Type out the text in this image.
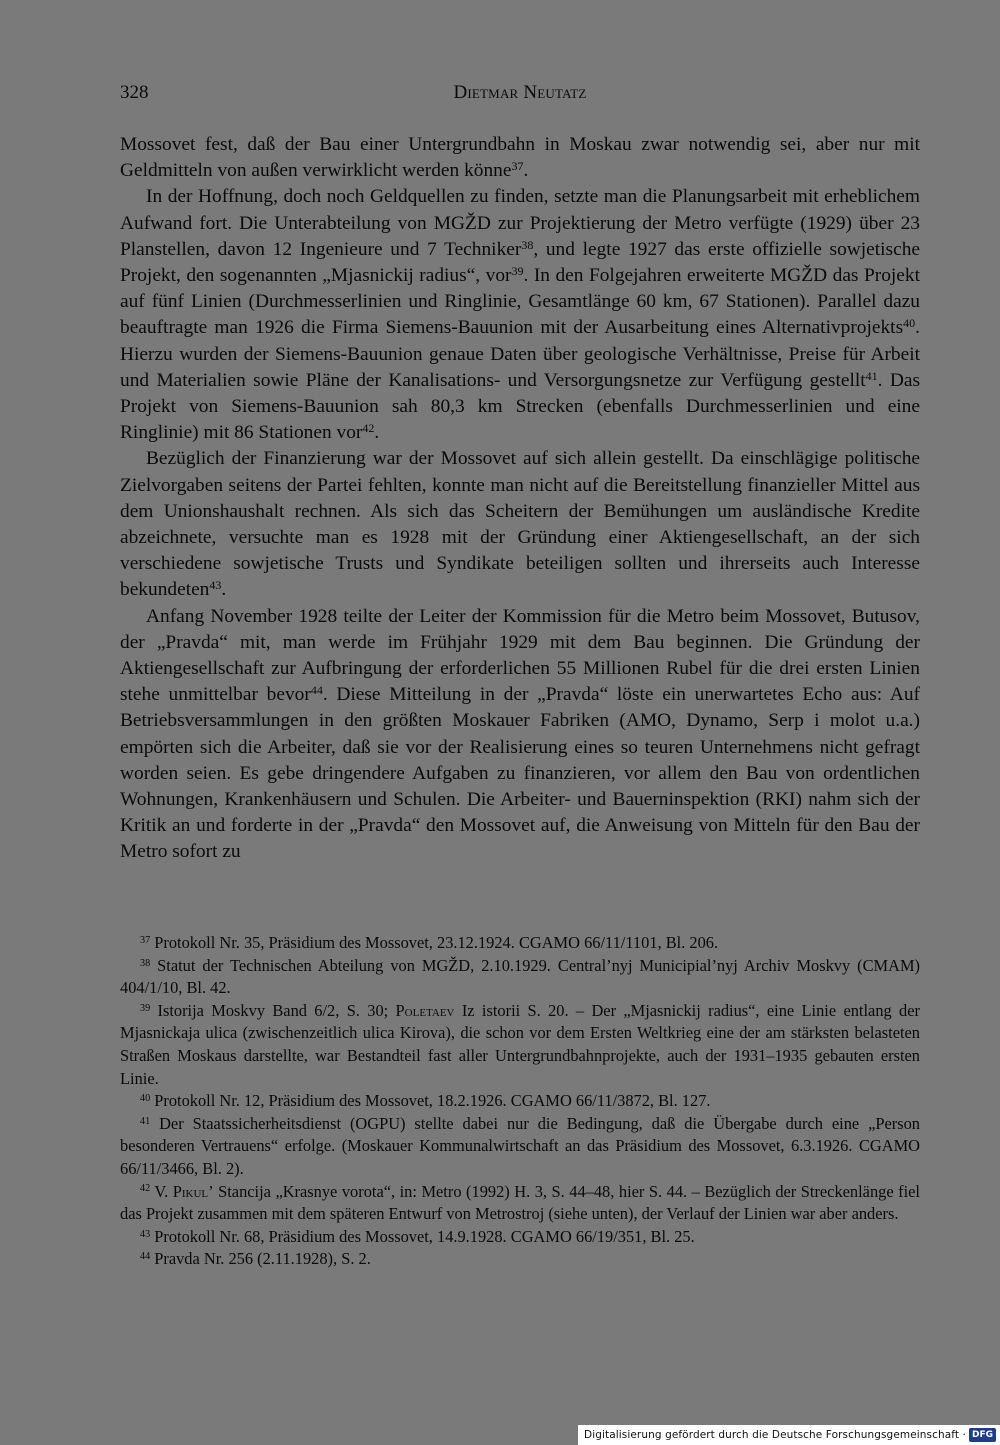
328	Dietmar Neutatz

Mossovet fest, daß der Bau einer Untergrundbahn in Moskau zwar notwendig sei, aber nur mit Geldmitteln von außen verwirklicht werden könne$^{37}$.

In der Hoffnung, doch noch Geldquellen zu finden, setzte man die Planungsarbeit mit erheblichem Aufwand fort. Die Unterabteilung von MGŽD zur Projektierung der Metro verfügte (1929) über 23 Planstellen, davon 12 Ingenieure und 7 Techniker$^{38}$, und legte 1927 das erste offizielle sowjetische Projekt, den sogenannten „Mjasnickij radius“, vor$^{39}$. In den Folgejahren erweiterte MGŽD das Projekt auf fünf Linien (Durchmesserlinien und Ringlinie, Gesamtlänge 60 km, 67 Stationen). Parallel dazu beauftragte man 1926 die Firma Siemens-Bauunion mit der Ausarbeitung eines Alternativprojekts$^{40}$. Hierzu wurden der Siemens-Bauunion genaue Daten über geologische Verhältnisse, Preise für Arbeit und Materialien sowie Pläne der Kanalisations- und Versorgungsnetze zur Verfügung gestellt$^{41}$. Das Projekt von Siemens-Bauunion sah 80,3 km Strecken (ebenfalls Durchmesserlinien und eine Ringlinie) mit 86 Stationen vor$^{42}$.

Bezüglich der Finanzierung war der Mossovet auf sich allein gestellt. Da einschlägige politische Zielvorgaben seitens der Partei fehlten, konnte man nicht auf die Bereitstellung finanzieller Mittel aus dem Unionshaushalt rechnen. Als sich das Scheitern der Bemühungen um ausländische Kredite abzeichnete, versuchte man es 1928 mit der Gründung einer Aktiengesellschaft, an der sich verschiedene sowjetische Trusts und Syndikate beteiligen sollten und ihrerseits auch Interesse bekundeten$^{43}$.

Anfang November 1928 teilte der Leiter der Kommission für die Metro beim Mossovet, Butusov, der „Pravda“ mit, man werde im Frühjahr 1929 mit dem Bau beginnen. Die Gründung der Aktiengesellschaft zur Aufbringung der erforderlichen 55 Millionen Rubel für die drei ersten Linien stehe unmittelbar bevor$^{44}$. Diese Mitteilung in der „Pravda“ löste ein unerwartetes Echo aus: Auf Betriebsversammlungen in den größten Moskauer Fabriken (AMO, Dynamo, Serp i molot u.a.) empörten sich die Arbeiter, daß sie vor der Realisierung eines so teuren Unternehmens nicht gefragt worden seien. Es gebe dringendere Aufgaben zu finanzieren, vor allem den Bau von ordentlichen Wohnungen, Krankenhäusern und Schulen. Die Arbeiter- und Bauerninspektion (RKI) nahm sich der Kritik an und forderte in der „Pravda“ den Mossovet auf, die Anweisung von Mitteln für den Bau der Metro sofort zu

$^{37}$ Protokoll Nr. 35, Präsidium des Mossovet, 23.12.1924. CGAMO 66/11/1101, Bl. 206.

$^{38}$ Statut der Technischen Abteilung von MGŽD, 2.10.1929. Central’nyj Municipial’nyj Archiv Moskvy (CMAM) 404/1/10, Bl. 42.

$^{39}$ Istorija Moskvy Band 6/2, S. 30; Poletaev Iz istorii S. 20. – Der „Mjasnickij radius“, eine Linie entlang der Mjasnickaja ulica (zwischenzeitlich ulica Kirova), die schon vor dem Ersten Weltkrieg eine der am stärksten belasteten Straßen Moskaus darstellte, war Bestandteil fast aller Untergrundbahnprojekte, auch der 1931–1935 gebauten ersten Linie.

$^{40}$ Protokoll Nr. 12, Präsidium des Mossovet, 18.2.1926. CGAMO 66/11/3872, Bl. 127.

$^{41}$ Der Staatssicherheitsdienst (OGPU) stellte dabei nur die Bedingung, daß die Übergabe durch eine „Person besonderen Vertrauens“ erfolge. (Moskauer Kommunalwirtschaft an das Präsidium des Mossovet, 6.3.1926. CGAMO 66/11/3466, Bl. 2).

$^{42}$ V. Pikul’ Stancija „Krasnye vorota“, in: Metro (1992) H. 3, S. 44–48, hier S. 44. – Bezüglich der Streckenlänge fiel das Projekt zusammen mit dem späteren Entwurf von Metrostroj (siehe unten), der Verlauf der Linien war aber anders.

$^{43}$ Protokoll Nr. 68, Präsidium des Mossovet, 14.9.1928. CGAMO 66/19/351, Bl. 25.

$^{44}$ Pravda Nr. 256 (2.11.1928), S. 2.

Digitalisierung gefördert durch die Deutsche Forschungsgemeinschaft · DFG
